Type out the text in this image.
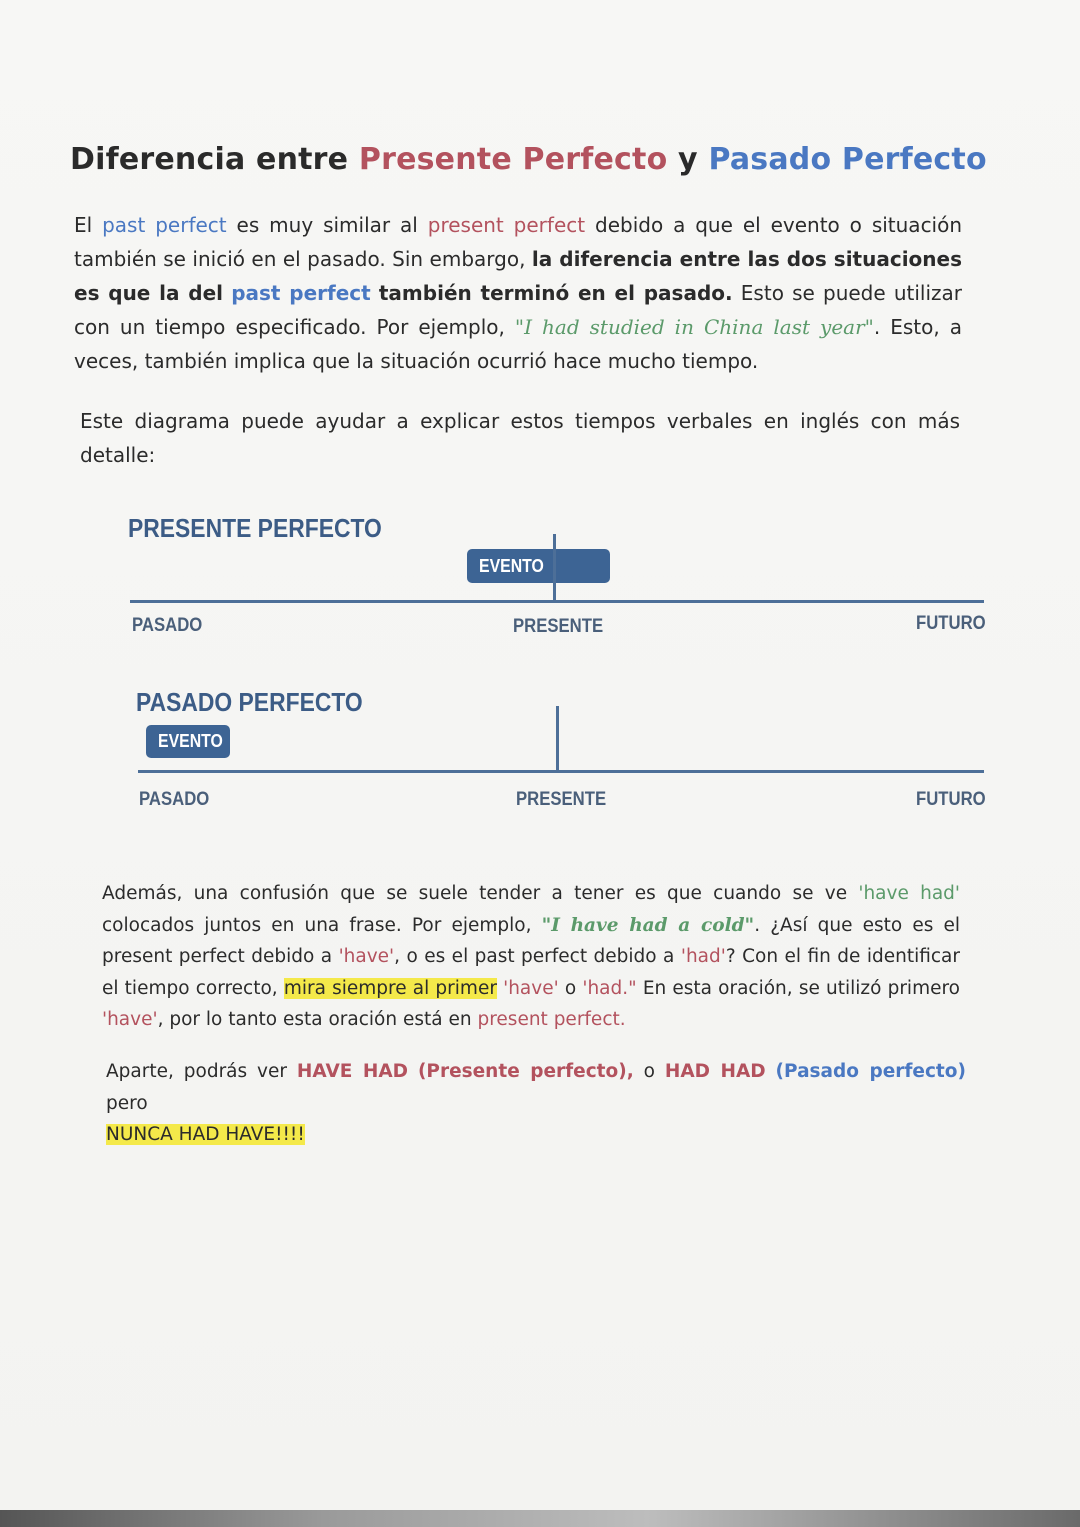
Diferencia entre Presente Perfecto y Pasado Perfecto
El past perfect es muy similar al present perfect debido a que el evento o situación también se inició en el pasado. Sin embargo, la diferencia entre las dos situaciones es que la del past perfect también terminó en el pasado. Esto se puede utilizar con un tiempo especificado. Por ejemplo, "I had studied in China last year". Esto, a veces, también implica que la situación ocurrió hace mucho tiempo.
Este diagrama puede ayudar a explicar estos tiempos verbales en inglés con más detalle:
PRESENTE PERFECTO
EVENTO
PASADO	PRESENTE	FUTURO
PASADO PERFECTO
EVENTO
PASADO	PRESENTE	FUTURO
Además, una confusión que se suele tender a tener es que cuando se ve 'have had' colocados juntos en una frase. Por ejemplo, "I have had a cold". ¿Así que esto es el present perfect debido a 'have', o es el past perfect debido a 'had'? Con el fin de identificar el tiempo correcto, mira siempre al primer 'have' o 'had." En esta oración, se utilizó primero 'have', por lo tanto esta oración está en present perfect.
Aparte, podrás ver HAVE HAD (Presente perfecto), o HAD HAD (Pasado perfecto) pero
NUNCA HAD HAVE!!!!
